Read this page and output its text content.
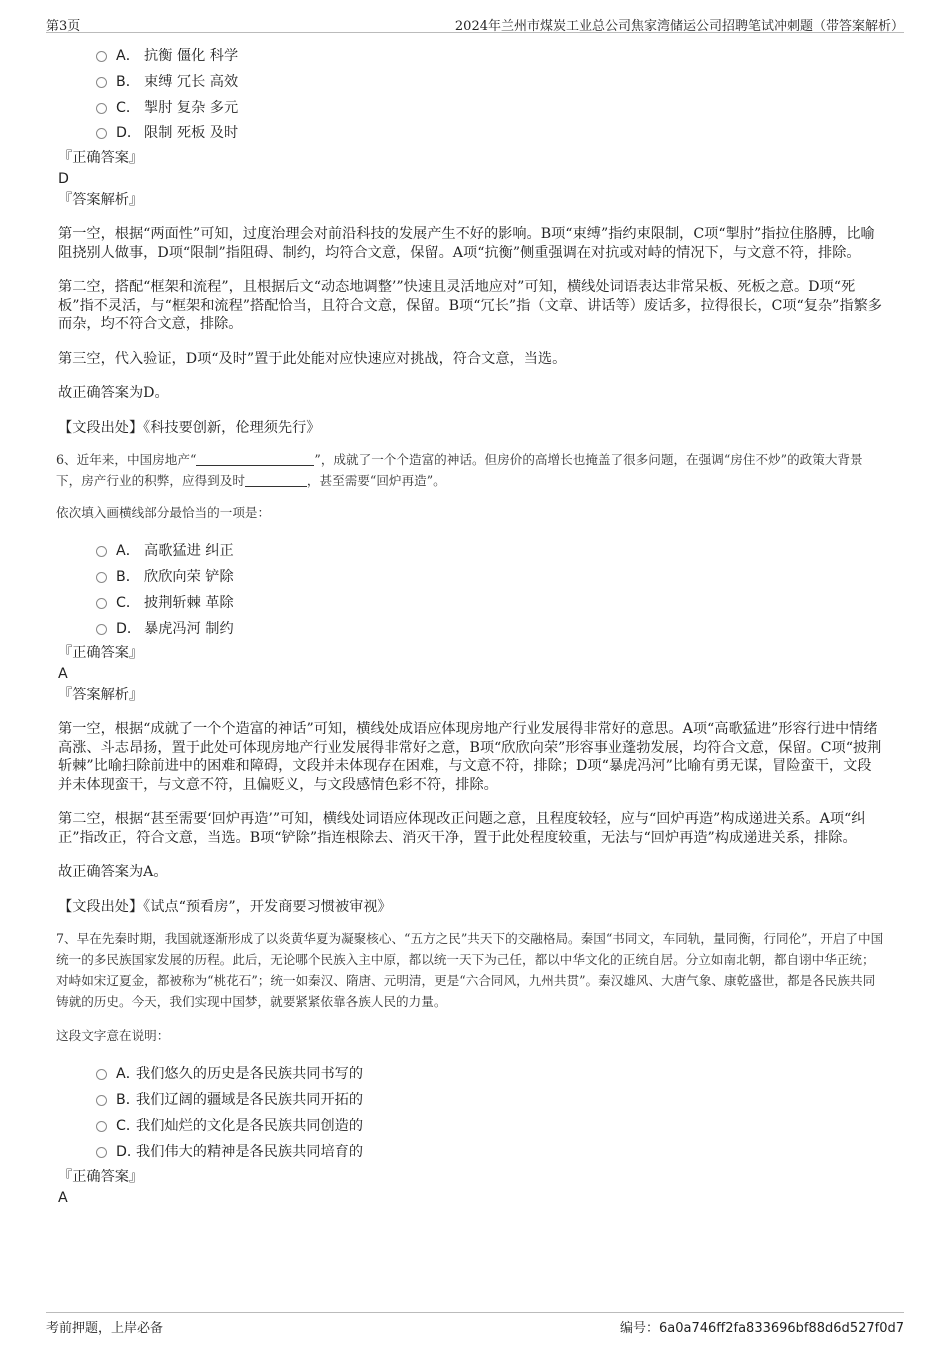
第3页	2024年兰州市煤炭工业总公司焦家湾储运公司招聘笔试冲刺题（带答案解析）
A． 抗衡 僵化 科学
B． 束缚 冗长 高效
C． 掣肘 复杂 多元
D． 限制 死板 及时
『正确答案』
D
『答案解析』

第一空，根据“两面性”可知，过度治理会对前沿科技的发展产生不好的影响。B项“束缚”指约束限制，C项“掣肘”指拉住胳膊，比喻阻挠别人做事，D项“限制”指阻碍、制约，均符合文意，保留。A项“抗衡”侧重强调在对抗或对峙的情况下，与文意不符，排除。

第二空，搭配“框架和流程”，且根据后文“动态地调整’”快速且灵活地应对”可知，横线处词语表达非常呆板、死板之意。D项“死板”指不灵活，与“框架和流程”搭配恰当，且符合文意，保留。B项“冗长”指（文章、讲话等）废话多，拉得很长，C项“复杂”指繁多而杂，均不符合文意，排除。

第三空，代入验证，D项“及时”置于此处能对应快速应对挑战，符合文意，当选。

故正确答案为D。

【文段出处】《科技要创新，伦理须先行》

6、近年来，中国房地产“	”，成就了一个个造富的神话。但房价的高增长也掩盖了很多问题，在强调“房住不炒”的政策大背景下，房产行业的积弊，应得到及时	，甚至需要“回炉再造”。

依次填入画横线部分最恰当的一项是：

A． 高歌猛进 纠正
B． 欣欣向荣 铲除
C． 披荆斩棘 革除
D． 暴虎冯河 制约
『正确答案』
A
『答案解析』

第一空，根据“成就了一个个造富的神话”可知，横线处成语应体现房地产行业发展得非常好的意思。A项“高歌猛进”形容行进中情绪高涨、斗志昂扬，置于此处可体现房地产行业发展得非常好之意，B项“欣欣向荣”形容事业蓬勃发展，均符合文意，保留。C项“披荆斩棘”比喻扫除前进中的困难和障碍，文段并未体现存在困难，与文意不符，排除；D项“暴虎冯河”比喻有勇无谋，冒险蛮干，文段并未体现蛮干，与文意不符，且偏贬义，与文段感情色彩不符，排除。

第二空，根据“甚至需要‘回炉再造’”可知，横线处词语应体现改正问题之意，且程度较轻，应与“回炉再造”构成递进关系。A项“纠正”指改正，符合文意，当选。B项“铲除”指连根除去、消灭干净，置于此处程度较重，无法与“回炉再造”构成递进关系，排除。

故正确答案为A。

【文段出处】《试点“预看房”，开发商要习惯被审视》

7、早在先秦时期，我国就逐渐形成了以炎黄华夏为凝聚核心、“五方之民”共天下的交融格局。秦国“书同文，车同轨，量同衡，行同伦”，开启了中国统一的多民族国家发展的历程。此后，无论哪个民族入主中原，都以统一天下为己任，都以中华文化的正统自居。分立如南北朝，都自诩中华正统；对峙如宋辽夏金，都被称为“桃花石”；统一如秦汉、隋唐、元明清，更是“六合同风，九州共贯”。秦汉雄风、大唐气象、康乾盛世，都是各民族共同铸就的历史。今天，我们实现中国梦，就要紧紧依靠各族人民的力量。

这段文字意在说明：

A．我们悠久的历史是各民族共同书写的
B．我们辽阔的疆域是各民族共同开拓的
C．我们灿烂的文化是各民族共同创造的
D．我们伟大的精神是各民族共同培育的
『正确答案』
A
考前押题，上岸必备	编号：6a0a746ff2fa833696bf88d6d527f0d7
